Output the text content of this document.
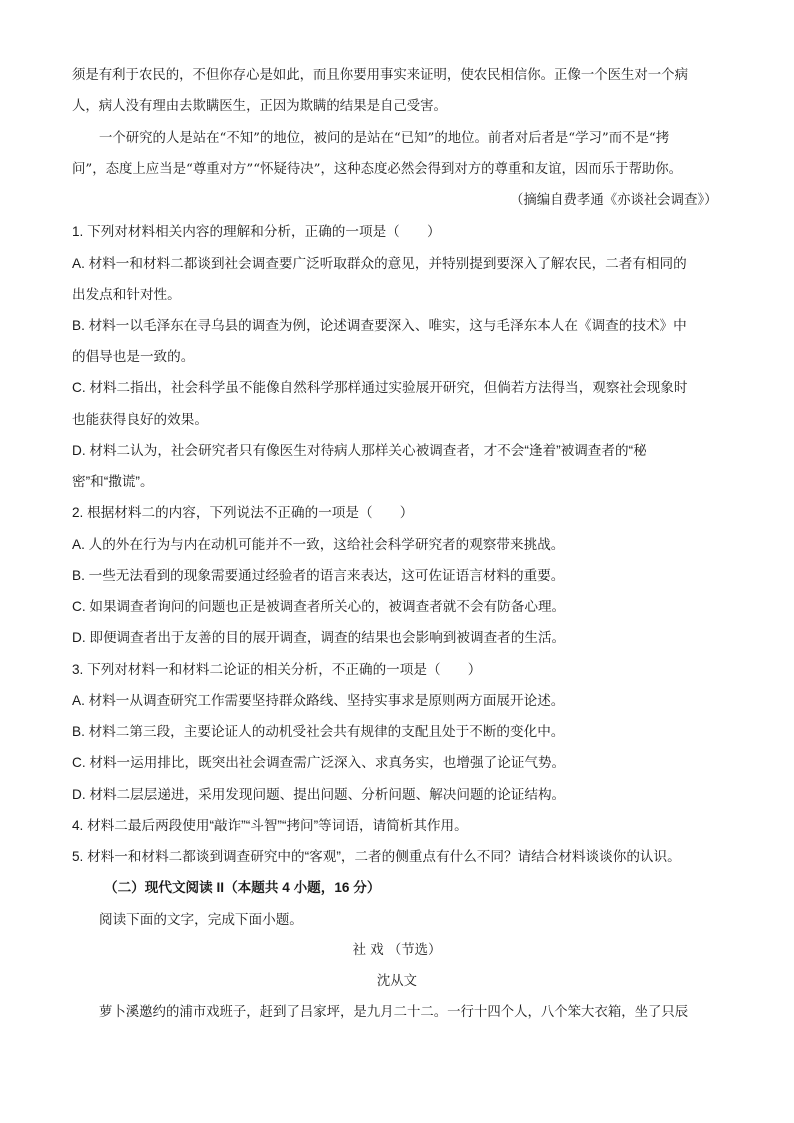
须是有利于农民的，不但你存心是如此，而且你要用事实来证明，使农民相信你。正像一个医生对一个病
人，病人没有理由去欺瞒医生，正因为欺瞒的结果是自己受害。
一个研究的人是站在“不知”的地位，被问的是站在“已知”的地位。前者对后者是“学习”而不是“拷
问”，态度上应当是“尊重对方”“怀疑待决”，这种态度必然会得到对方的尊重和友谊，因而乐于帮助你。
（摘编自费孝通《亦谈社会调查》）
1. 下列对材料相关内容的理解和分析，正确的一项是（　　）
A. 材料一和材料二都谈到社会调查要广泛听取群众的意见，并特别提到要深入了解农民，二者有相同的
出发点和针对性。
B. 材料一以毛泽东在寻乌县的调查为例，论述调查要深入、唯实，这与毛泽东本人在《调查的技术》中
的倡导也是一致的。
C. 材料二指出，社会科学虽不能像自然科学那样通过实验展开研究，但倘若方法得当，观察社会现象时
也能获得良好的效果。
D. 材料二认为，社会研究者只有像医生对待病人那样关心被调查者，才不会“逢着”被调查者的“秘
密”和“撒谎”。
2. 根据材料二的内容，下列说法不正确的一项是（　　）
A. 人的外在行为与内在动机可能并不一致，这给社会科学研究者的观察带来挑战。
B. 一些无法看到的现象需要通过经验者的语言来表达，这可佐证语言材料的重要。
C. 如果调查者询问的问题也正是被调查者所关心的，被调查者就不会有防备心理。
D. 即便调查者出于友善的目的展开调查，调查的结果也会影响到被调查者的生活。
3. 下列对材料一和材料二论证的相关分析，不正确的一项是（　　）
A. 材料一从调查研究工作需要坚持群众路线、坚持实事求是原则两方面展开论述。
B. 材料二第三段，主要论证人的动机受社会共有规律的支配且处于不断的变化中。
C. 材料一运用排比，既突出社会调查需广泛深入、求真务实，也增强了论证气势。
D. 材料二层层递进，采用发现问题、提出问题、分析问题、解决问题的论证结构。
4. 材料二最后两段使用“敲诈”“斗智”“拷问”等词语，请简析其作用。
5. 材料一和材料二都谈到调查研究中的“客观”，二者的侧重点有什么不同？请结合材料谈谈你的认识。
（二）现代文阅读 II（本题共 4 小题，16 分）
阅读下面的文字，完成下面小题。
社 戏 （节选）
沈从文
萝卜溪邀约的浦市戏班子，赶到了吕家坪，是九月二十二。一行十四个人，八个笨大衣箱，坐了只辰
